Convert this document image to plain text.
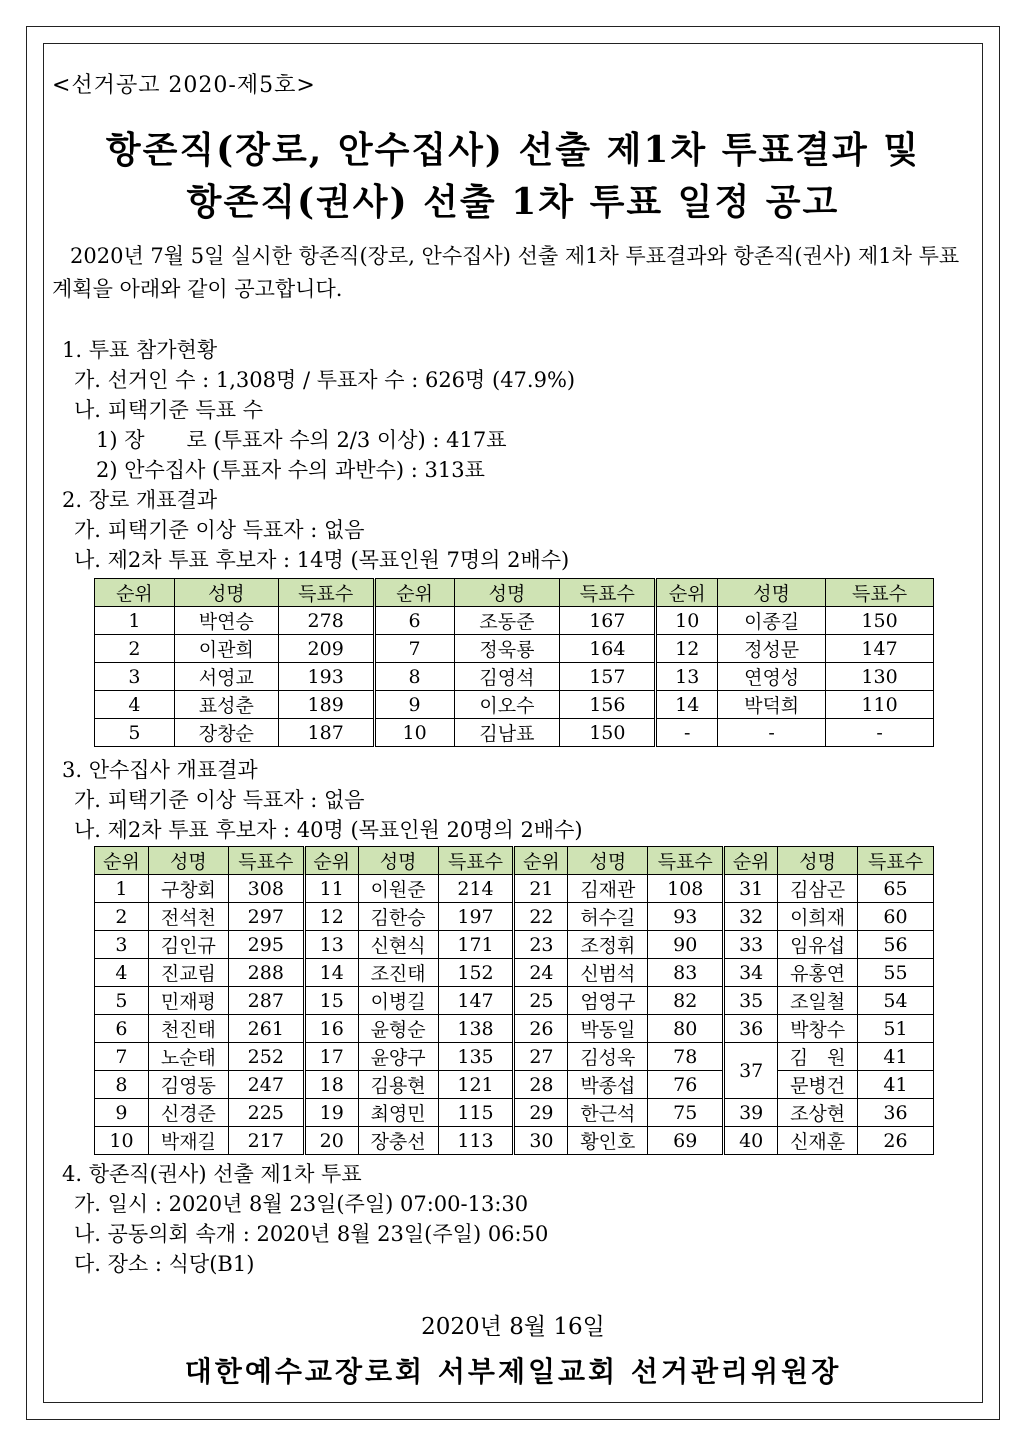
<선거공고 2020-제5호>
항존직(장로, 안수집사) 선출 제1차 투표결과 및
항존직(권사) 선출 1차 투표 일정 공고
2020년 7월 5일 실시한 항존직(장로, 안수집사) 선출 제1차 투표결과와 항존직(권사) 제1차 투표 계획을 아래와 같이 공고합니다.
1. 투표 참가현황
가. 선거인 수 : 1,308명 / 투표자 수 : 626명 (47.9%)
나. 피택기준 득표 수
1) 장　　로 (투표자 수의 2/3 이상) : 417표
2) 안수집사 (투표자 수의 과반수) : 313표
2. 장로 개표결과
가. 피택기준 이상 득표자 : 없음
나. 제2차 투표 후보자 : 14명 (목표인원 7명의 2배수)
순위	성명	득표수	순위	성명	득표수	순위	성명	득표수
1	박연승	278	6	조동준	167	10	이종길	150
2	이관희	209	7	정욱룡	164	12	정성문	147
3	서영교	193	8	김영석	157	13	연영성	130
4	표성춘	189	9	이오수	156	14	박덕희	110
5	장창순	187	10	김남표	150	-	-	-
3. 안수집사 개표결과
가. 피택기준 이상 득표자 : 없음
나. 제2차 투표 후보자 : 40명 (목표인원 20명의 2배수)
순위	성명	득표수	순위	성명	득표수	순위	성명	득표수	순위	성명	득표수
1	구창회	308	11	이원준	214	21	김재관	108	31	김삼곤	65
2	전석천	297	12	김한승	197	22	허수길	93	32	이희재	60
3	김인규	295	13	신현식	171	23	조정휘	90	33	임유섭	56
4	진교림	288	14	조진태	152	24	신범석	83	34	유홍연	55
5	민재평	287	15	이병길	147	25	엄영구	82	35	조일철	54
6	천진태	261	16	윤형순	138	26	박동일	80	36	박창수	51
7	노순태	252	17	윤양구	135	27	김성욱	78	37	김　원	41
8	김영동	247	18	김용현	121	28	박종섭	76		문병건	41
9	신경준	225	19	최영민	115	29	한근석	75	39	조상현	36
10	박재길	217	20	장충선	113	30	황인호	69	40	신재훈	26
4. 항존직(권사) 선출 제1차 투표
가. 일시 : 2020년 8월 23일(주일) 07:00-13:30
나. 공동의회 속개 : 2020년 8월 23일(주일) 06:50
다. 장소 : 식당(B1)
2020년 8월 16일
대한예수교장로회 서부제일교회 선거관리위원장
